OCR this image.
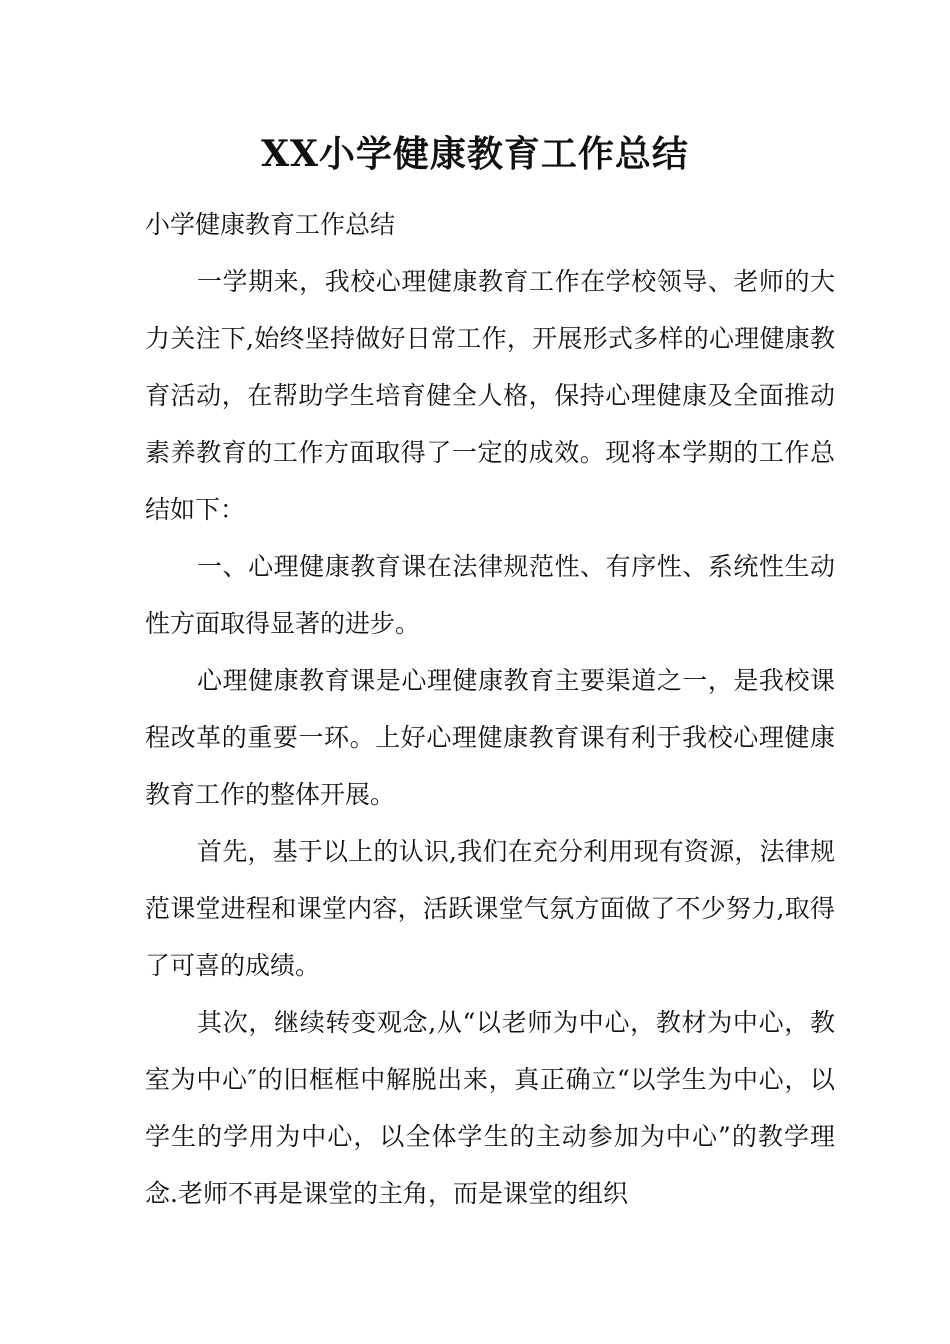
XX小学健康教育工作总结

小学健康教育工作总结

一学期来，我校心理健康教育工作在学校领导、老师的大力关注下,始终坚持做好日常工作，开展形式多样的心理健康教育活动，在帮助学生培育健全人格，保持心理健康及全面推动素养教育的工作方面取得了一定的成效。现将本学期的工作总结如下：

一、心理健康教育课在法律规范性、有序性、系统性生动性方面取得显著的进步。

心理健康教育课是心理健康教育主要渠道之一，是我校课程改革的重要一环。上好心理健康教育课有利于我校心理健康教育工作的整体开展。

首先，基于以上的认识,我们在充分利用现有资源，法律规范课堂进程和课堂内容，活跃课堂气氛方面做了不少努力,取得了可喜的成绩。

其次，继续转变观念,从“以老师为中心，教材为中心，教室为中心″的旧框框中解脱出来，真正确立“以学生为中心，以学生的学用为中心，以全体学生的主动参加为中心”的教学理念.老师不再是课堂的主角，而是课堂的组织
